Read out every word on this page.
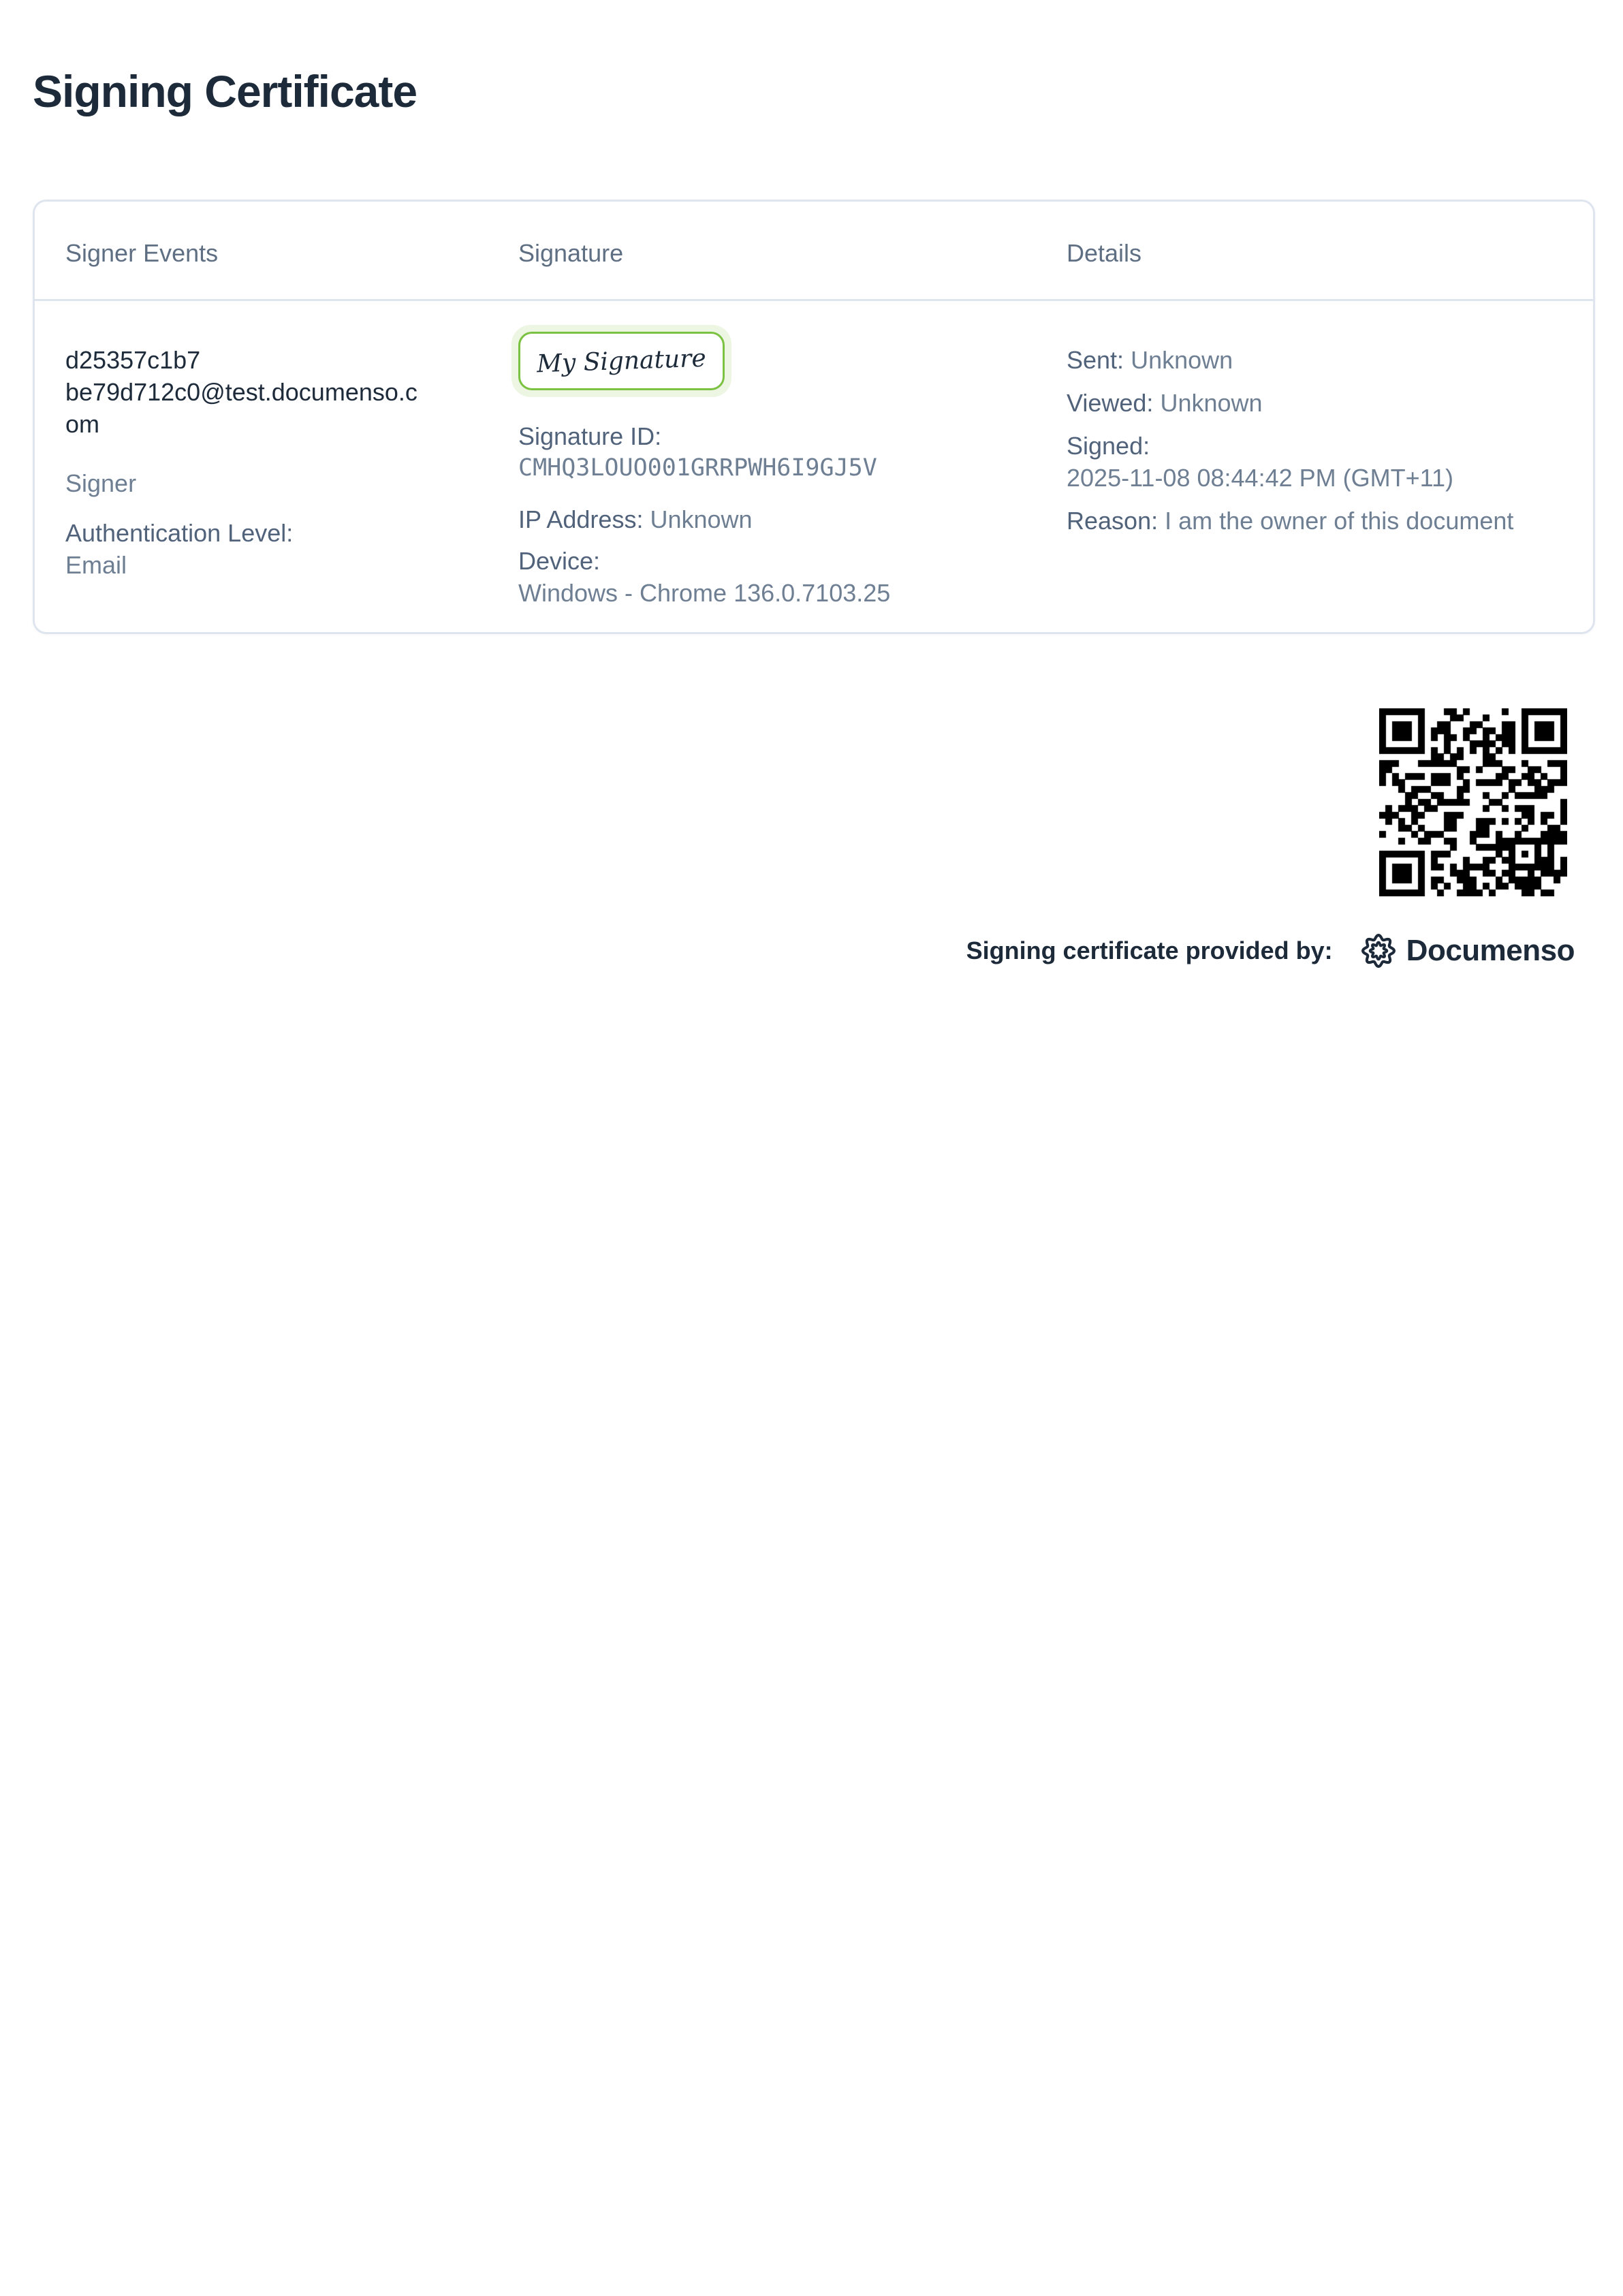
Signing Certificate
Signer Events	Signature	Details
d25357c1b7
be79d712c0@test.documenso.com
Signer
Authentication Level:
Email
My Signature
Signature ID:
CMHQ3LOUO001GRRPWH6I9GJ5V
IP Address: Unknown
Device:
Windows - Chrome 136.0.7103.25
Sent: Unknown
Viewed: Unknown
Signed:
2025-11-08 08:44:42 PM (GMT+11)
Reason: I am the owner of this document
Signing certificate provided by: Documenso
